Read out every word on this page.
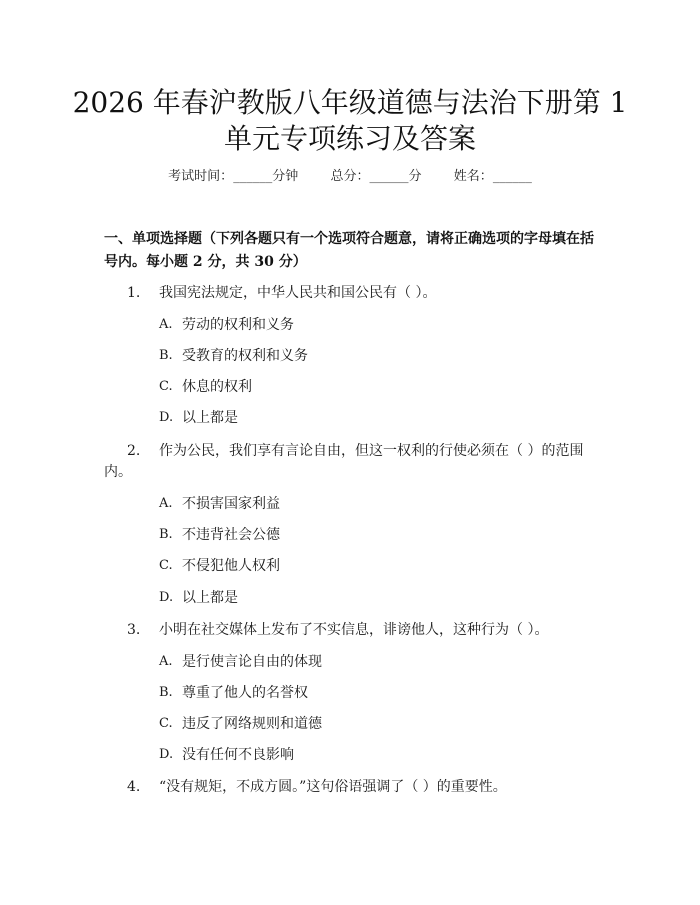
2026 年春沪教版八年级道德与法治下册第 1
单元专项练习及答案
考试时间：______分钟 总分：______分 姓名：______
一、单项选择题（下列各题只有一个选项符合题意，请将正确选项的字母填在括
号内。每小题 2 分，共 30 分）
1. 我国宪法规定，中华人民共和国公民有（ ）。
A. 劳动的权利和义务
B. 受教育的权利和义务
C. 休息的权利
D. 以上都是
2. 作为公民，我们享有言论自由，但这一权利的行使必须在（ ）的范围
内。
A. 不损害国家利益
B. 不违背社会公德
C. 不侵犯他人权利
D. 以上都是
3. 小明在社交媒体上发布了不实信息，诽谤他人，这种行为（ ）。
A. 是行使言论自由的体现
B. 尊重了他人的名誉权
C. 违反了网络规则和道德
D. 没有任何不良影响
4. “没有规矩，不成方圆。”这句俗语强调了（ ）的重要性。
